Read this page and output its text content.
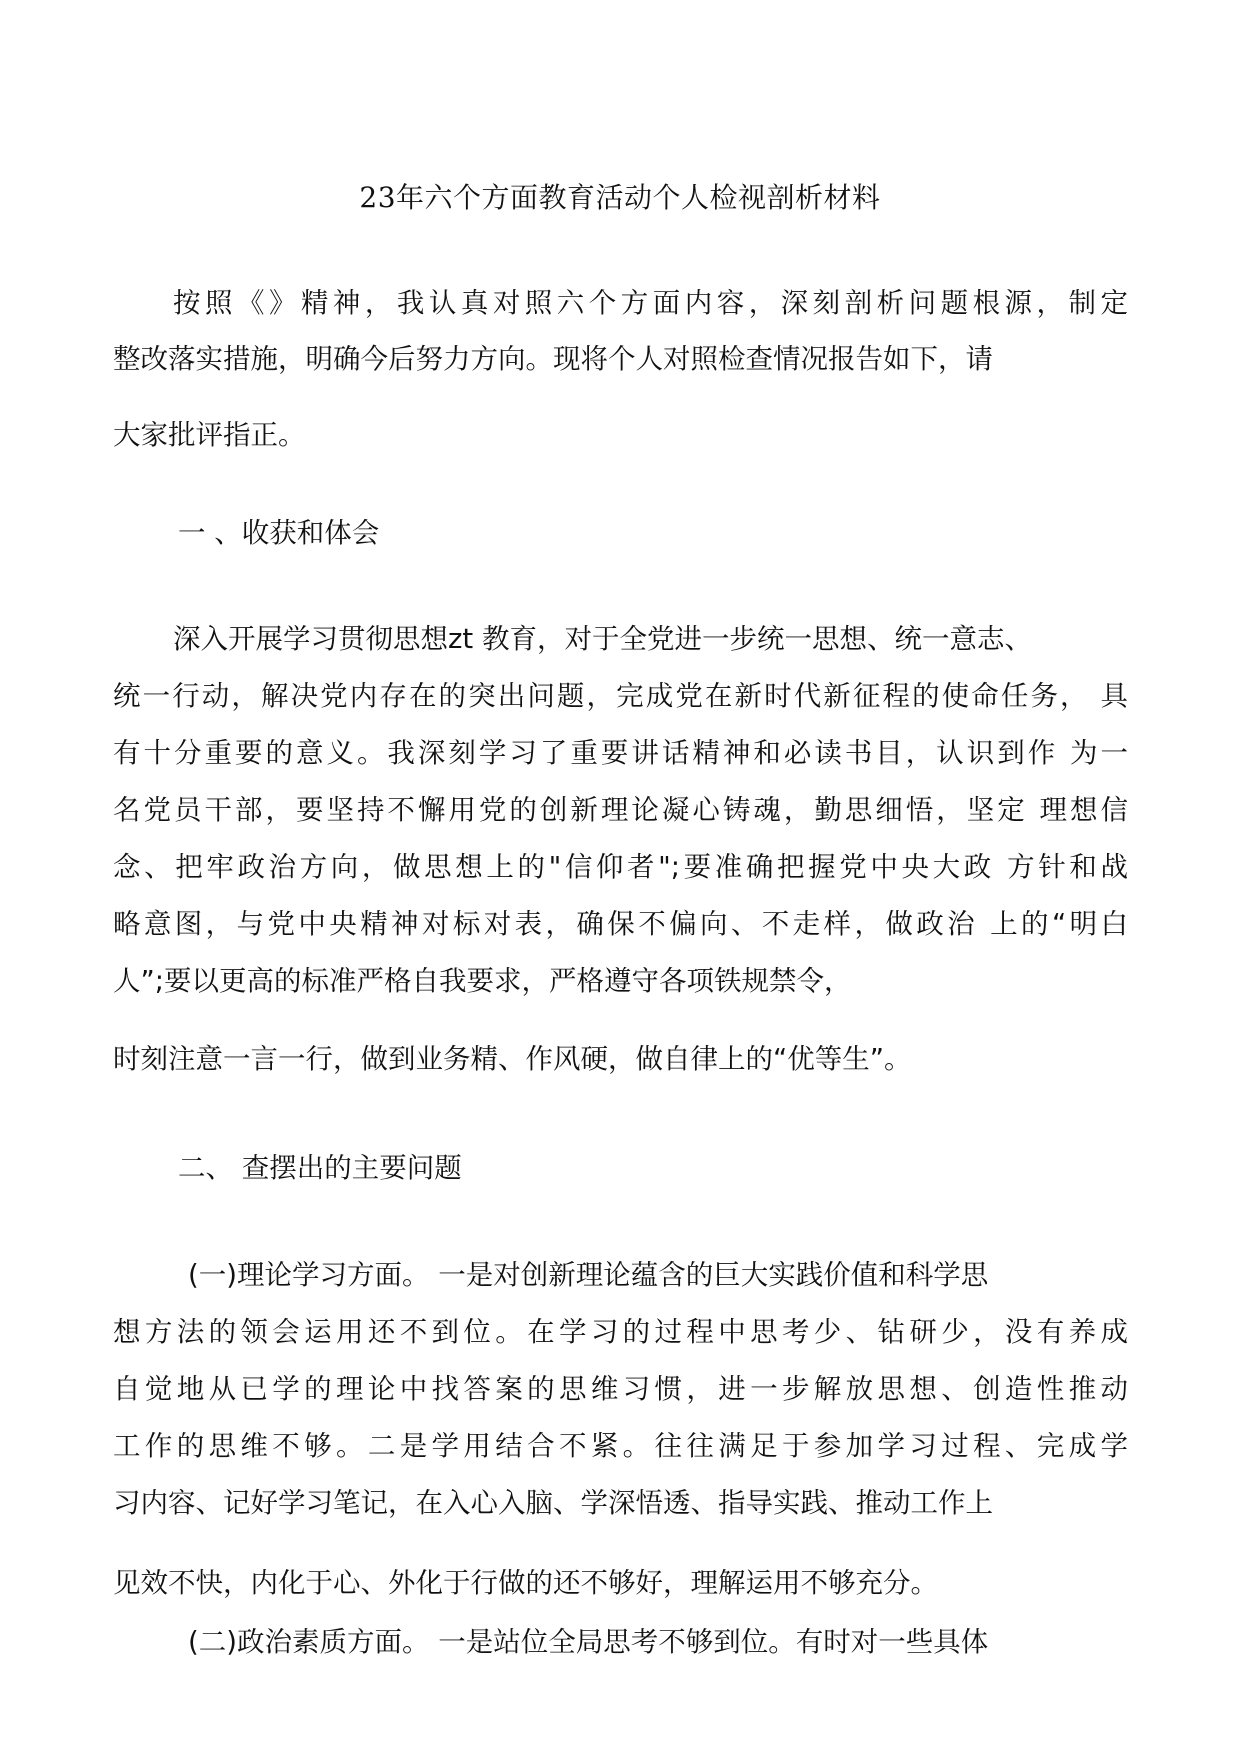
23年六个方面教育活动个人检视剖析材料
按照《》精神，我认真对照六个方面内容，深刻剖析问题根源，制定
整改落实措施，明确今后努力方向。现将个人对照检查情况报告如下，请
大家批评指正。
一 、收获和体会
深入开展学习贯彻思想zt 教育，对于全党进一步统一思想、统一意志、
统一行动，解决党内存在的突出问题，完成党在新时代新征程的使命任务， 具
有十分重要的意义。我深刻学习了重要讲话精神和必读书目，认识到作 为一
名党员干部，要坚持不懈用党的创新理论凝心铸魂，勤思细悟，坚定 理想信
念、把牢政治方向，做思想上的"信仰者";要准确把握党中央大政 方针和战
略意图，与党中央精神对标对表，确保不偏向、不走样，做政治 上的“明白
人”;要以更高的标准严格自我要求，严格遵守各项铁规禁令，
时刻注意一言一行，做到业务精、作风硬，做自律上的“优等生”。
二、 查摆出的主要问题
(一)理论学习方面。 一是对创新理论蕴含的巨大实践价值和科学思
想方法的领会运用还不到位。在学习的过程中思考少、钻研少，没有养成
自觉地从已学的理论中找答案的思维习惯，进一步解放思想、创造性推动
工作的思维不够。二是学用结合不紧。往往满足于参加学习过程、完成学
习内容、记好学习笔记，在入心入脑、学深悟透、指导实践、推动工作上
见效不快，内化于心、外化于行做的还不够好，理解运用不够充分。
(二)政治素质方面。 一是站位全局思考不够到位。有时对一些具体
